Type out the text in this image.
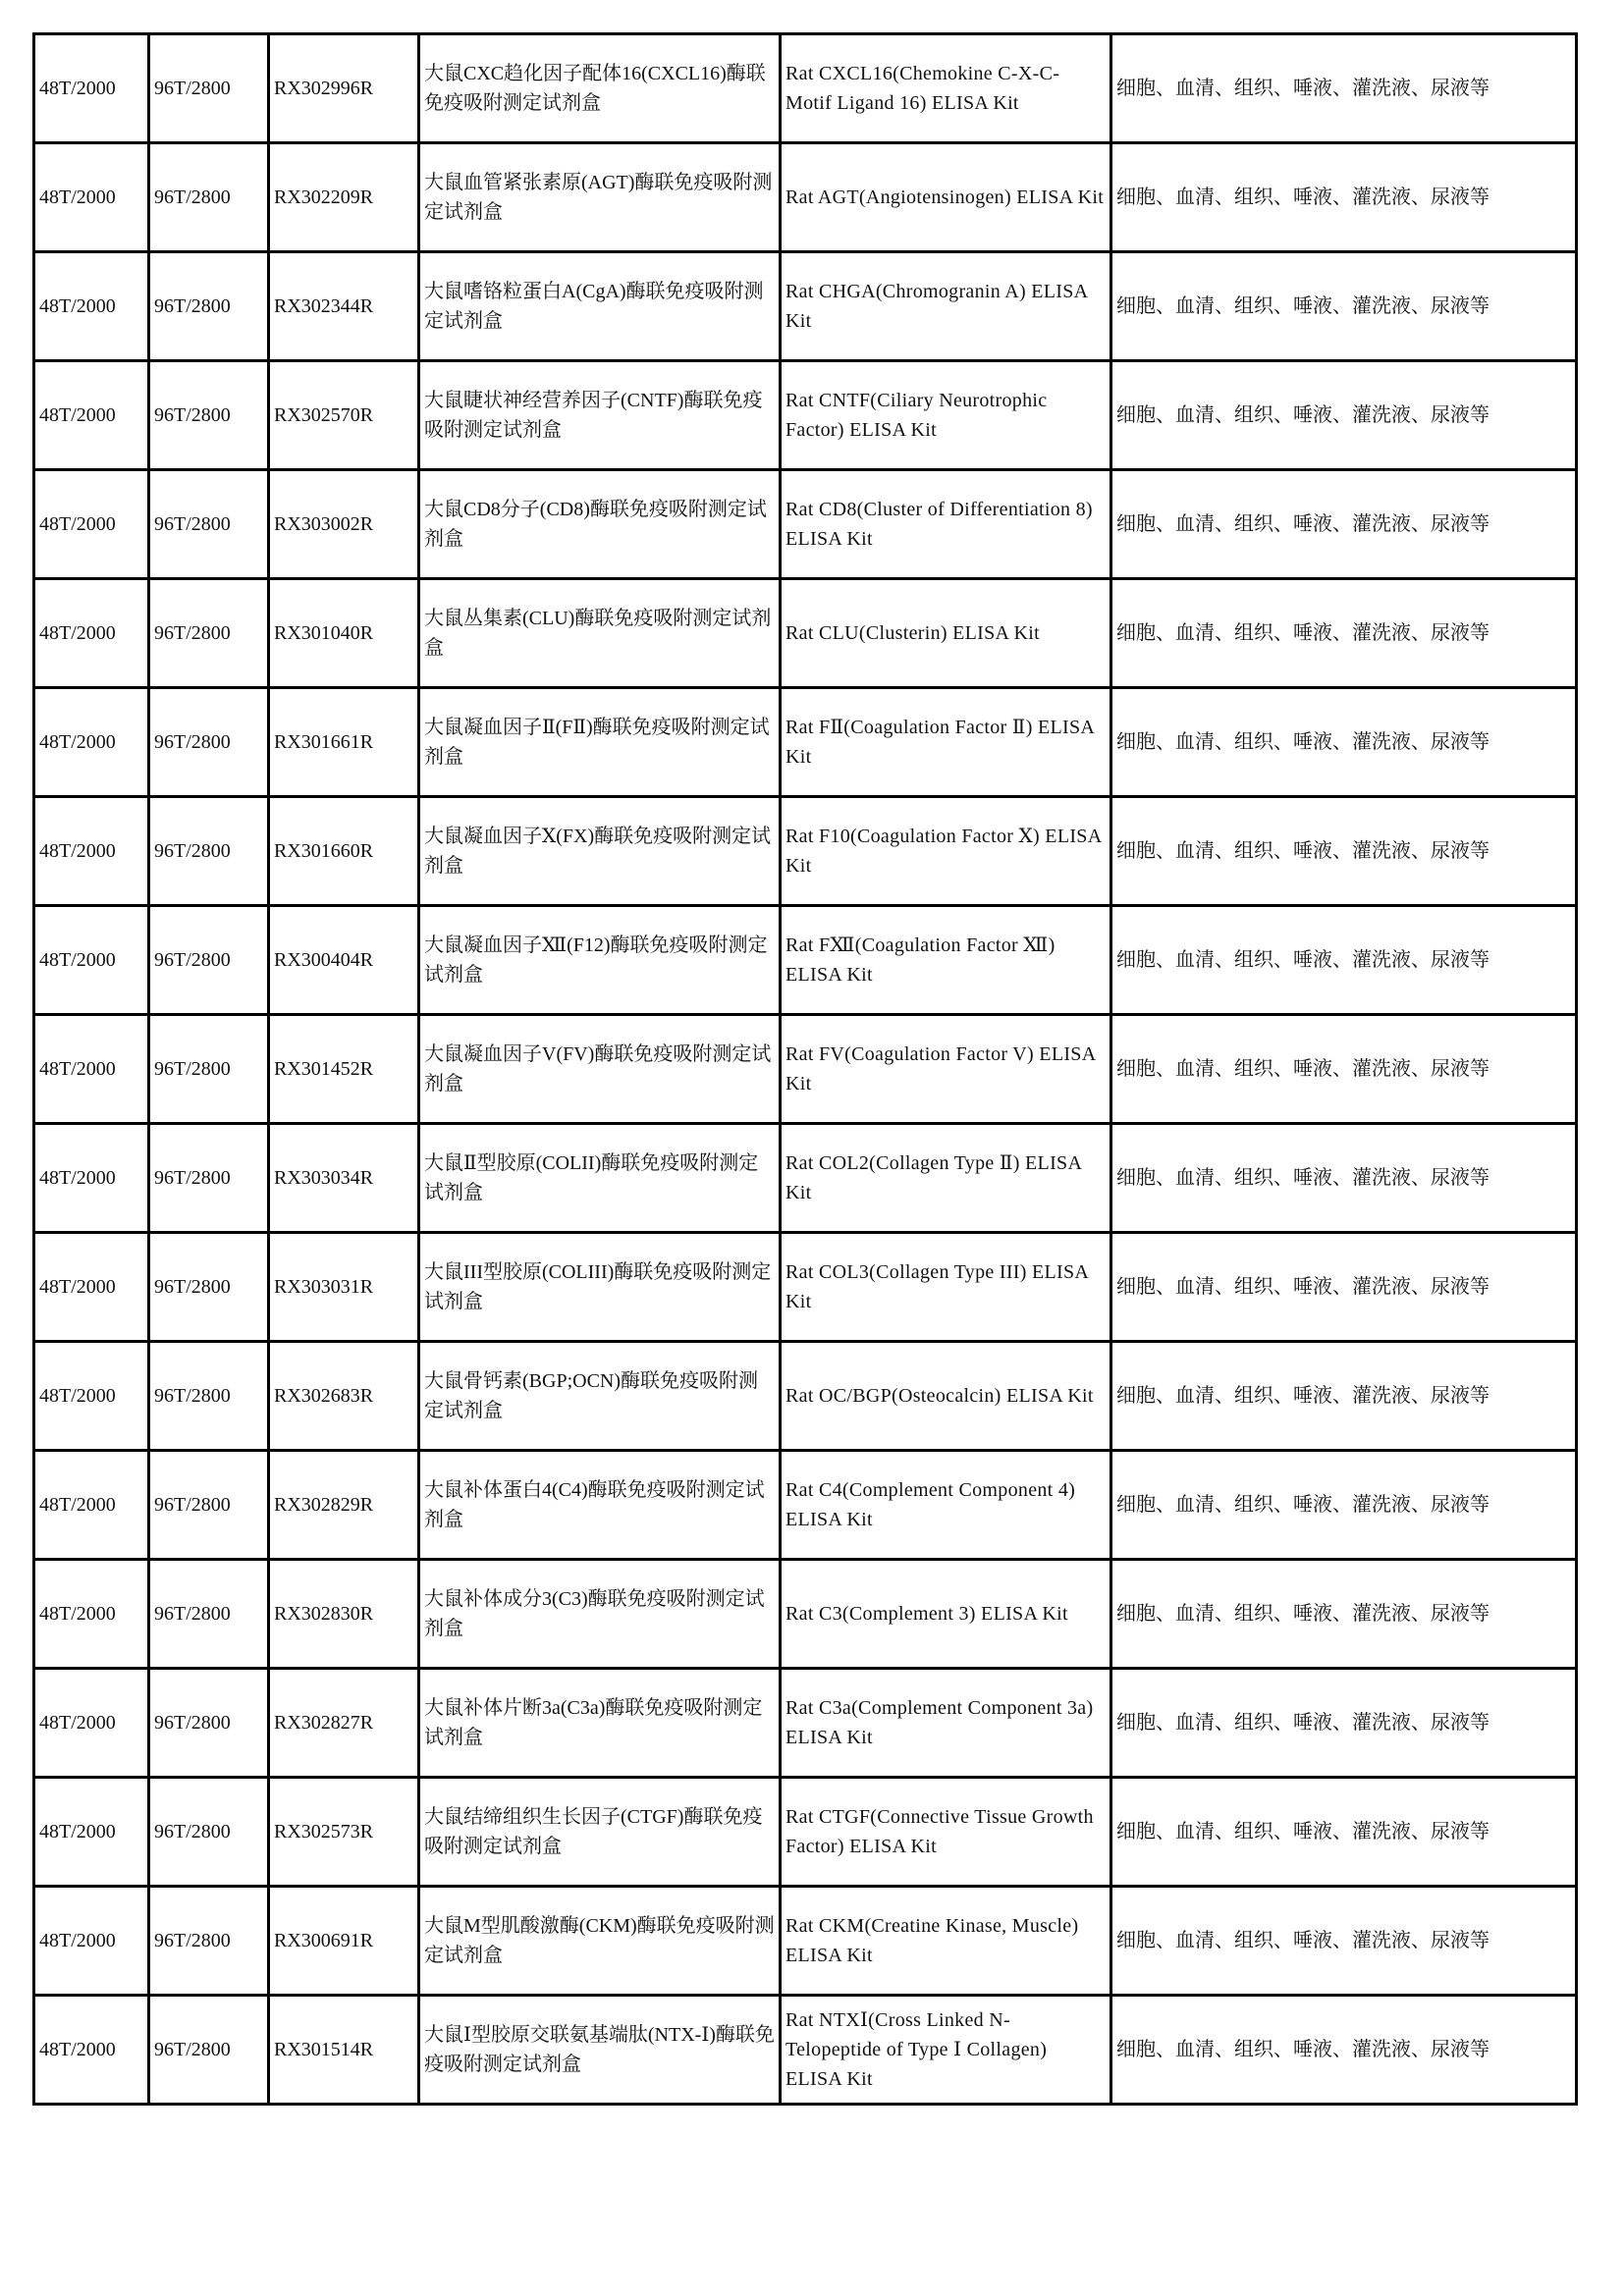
48T/2000	96T/2800	RX302996R	大鼠CXC趋化因子配体16(CXCL16)酶联免疫吸附测定试剂盒	Rat CXCL16(Chemokine C-X-C-Motif Ligand 16) ELISA Kit	细胞、血清、组织、唾液、灌洗液、尿液等
48T/2000	96T/2800	RX302209R	大鼠血管紧张素原(AGT)酶联免疫吸附测定试剂盒	Rat AGT(Angiotensinogen) ELISA Kit	细胞、血清、组织、唾液、灌洗液、尿液等
48T/2000	96T/2800	RX302344R	大鼠嗜铬粒蛋白A(CgA)酶联免疫吸附测定试剂盒	Rat CHGA(Chromogranin A) ELISA Kit	细胞、血清、组织、唾液、灌洗液、尿液等
48T/2000	96T/2800	RX302570R	大鼠睫状神经营养因子(CNTF)酶联免疫吸附测定试剂盒	Rat CNTF(Ciliary Neurotrophic Factor) ELISA Kit	细胞、血清、组织、唾液、灌洗液、尿液等
48T/2000	96T/2800	RX303002R	大鼠CD8分子(CD8)酶联免疫吸附测定试剂盒	Rat CD8(Cluster of Differentiation 8) ELISA Kit	细胞、血清、组织、唾液、灌洗液、尿液等
48T/2000	96T/2800	RX301040R	大鼠丛集素(CLU)酶联免疫吸附测定试剂盒	Rat CLU(Clusterin) ELISA Kit	细胞、血清、组织、唾液、灌洗液、尿液等
48T/2000	96T/2800	RX301661R	大鼠凝血因子Ⅱ(FⅡ)酶联免疫吸附测定试剂盒	Rat FⅡ(Coagulation Factor Ⅱ) ELISA Kit	细胞、血清、组织、唾液、灌洗液、尿液等
48T/2000	96T/2800	RX301660R	大鼠凝血因子Ⅹ(FX)酶联免疫吸附测定试剂盒	Rat F10(Coagulation Factor Ⅹ) ELISA Kit	细胞、血清、组织、唾液、灌洗液、尿液等
48T/2000	96T/2800	RX300404R	大鼠凝血因子Ⅻ(F12)酶联免疫吸附测定试剂盒	Rat FⅫ(Coagulation Factor Ⅻ) ELISA Kit	细胞、血清、组织、唾液、灌洗液、尿液等
48T/2000	96T/2800	RX301452R	大鼠凝血因子V(FV)酶联免疫吸附测定试剂盒	Rat FV(Coagulation Factor V) ELISA Kit	细胞、血清、组织、唾液、灌洗液、尿液等
48T/2000	96T/2800	RX303034R	大鼠Ⅱ型胶原(COLII)酶联免疫吸附测定试剂盒	Rat COL2(Collagen Type Ⅱ) ELISA Kit	细胞、血清、组织、唾液、灌洗液、尿液等
48T/2000	96T/2800	RX303031R	大鼠III型胶原(COLIII)酶联免疫吸附测定试剂盒	Rat COL3(Collagen Type III) ELISA Kit	细胞、血清、组织、唾液、灌洗液、尿液等
48T/2000	96T/2800	RX302683R	大鼠骨钙素(BGP;OCN)酶联免疫吸附测定试剂盒	Rat OC/BGP(Osteocalcin) ELISA Kit	细胞、血清、组织、唾液、灌洗液、尿液等
48T/2000	96T/2800	RX302829R	大鼠补体蛋白4(C4)酶联免疫吸附测定试剂盒	Rat C4(Complement Component 4) ELISA Kit	细胞、血清、组织、唾液、灌洗液、尿液等
48T/2000	96T/2800	RX302830R	大鼠补体成分3(C3)酶联免疫吸附测定试剂盒	Rat C3(Complement 3) ELISA Kit	细胞、血清、组织、唾液、灌洗液、尿液等
48T/2000	96T/2800	RX302827R	大鼠补体片断3a(C3a)酶联免疫吸附测定试剂盒	Rat C3a(Complement Component 3a) ELISA Kit	细胞、血清、组织、唾液、灌洗液、尿液等
48T/2000	96T/2800	RX302573R	大鼠结缔组织生长因子(CTGF)酶联免疫吸附测定试剂盒	Rat CTGF(Connective Tissue Growth Factor) ELISA Kit	细胞、血清、组织、唾液、灌洗液、尿液等
48T/2000	96T/2800	RX300691R	大鼠M型肌酸激酶(CKM)酶联免疫吸附测定试剂盒	Rat CKM(Creatine Kinase, Muscle) ELISA Kit	细胞、血清、组织、唾液、灌洗液、尿液等
48T/2000	96T/2800	RX301514R	大鼠Ⅰ型胶原交联氨基端肽(NTX-Ⅰ)酶联免疫吸附测定试剂盒	Rat NTXⅠ(Cross Linked N-Telopeptide of Type Ⅰ Collagen) ELISA Kit	细胞、血清、组织、唾液、灌洗液、尿液等
